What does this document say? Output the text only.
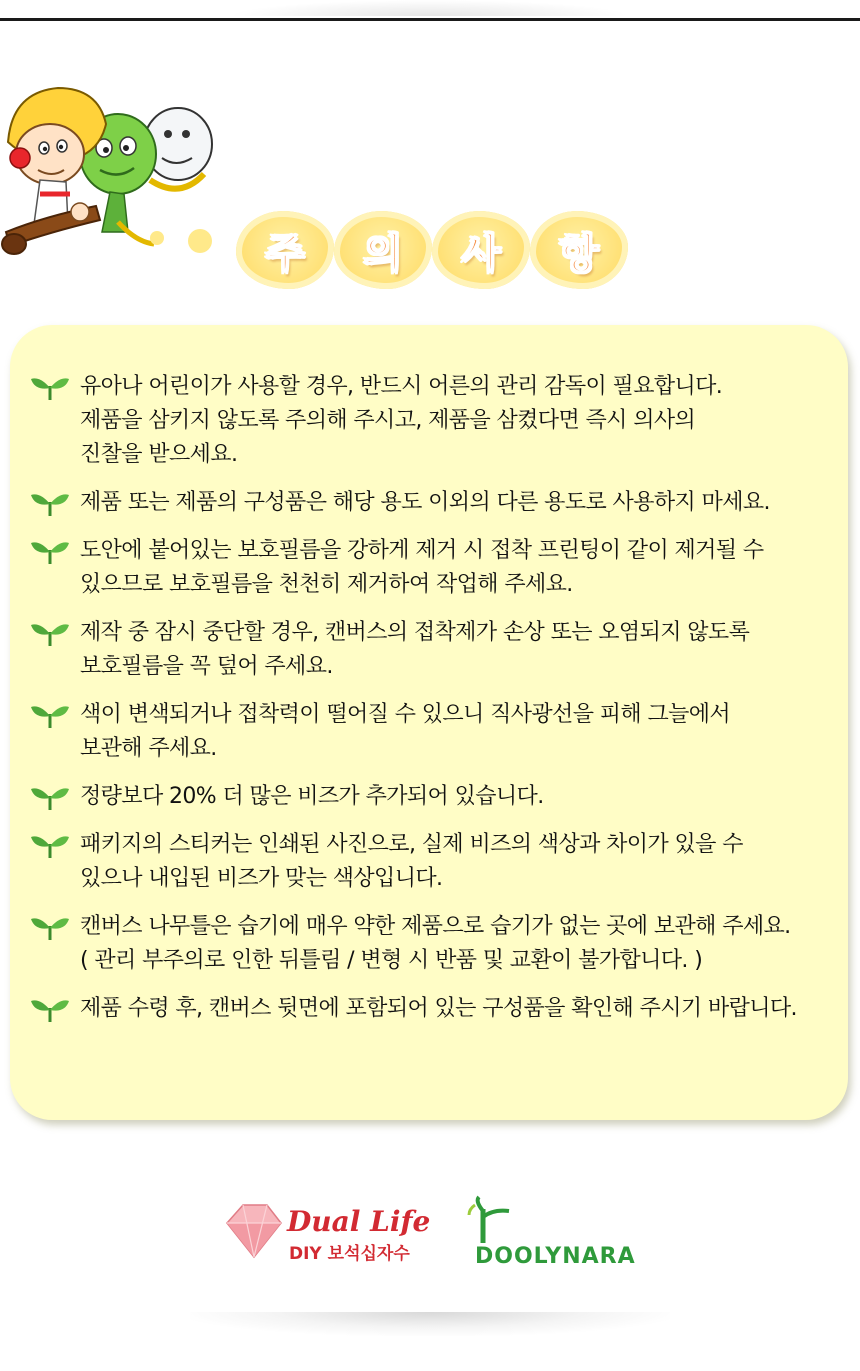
주 의 사 항
유아나 어린이가 사용할 경우, 반드시 어른의 관리 감독이 필요합니다.
제품을 삼키지 않도록 주의해 주시고, 제품을 삼켰다면 즉시 의사의
진찰을 받으세요.
제품 또는 제품의 구성품은 해당 용도 이외의 다른 용도로 사용하지 마세요.
도안에 붙어있는 보호필름을 강하게 제거 시 접착 프린팅이 같이 제거될 수
있으므로 보호필름을 천천히 제거하여 작업해 주세요.
제작 중 잠시 중단할 경우, 캔버스의 접착제가 손상 또는 오염되지 않도록
보호필름을 꼭 덮어 주세요.
색이 변색되거나 접착력이 떨어질 수 있으니 직사광선을 피해 그늘에서
보관해 주세요.
정량보다 20% 더 많은 비즈가 추가되어 있습니다.
패키지의 스티커는 인쇄된 사진으로, 실제 비즈의 색상과 차이가 있을 수
있으나 내입된 비즈가 맞는 색상입니다.
캔버스 나무틀은 습기에 매우 약한 제품으로 습기가 없는 곳에 보관해 주세요.
( 관리 부주의로 인한 뒤틀림 / 변형 시 반품 및 교환이 불가합니다. )
제품 수령 후, 캔버스 뒷면에 포함되어 있는 구성품을 확인해 주시기 바랍니다.
Dual Life
DIY 보석십자수	DOOLYNARA
